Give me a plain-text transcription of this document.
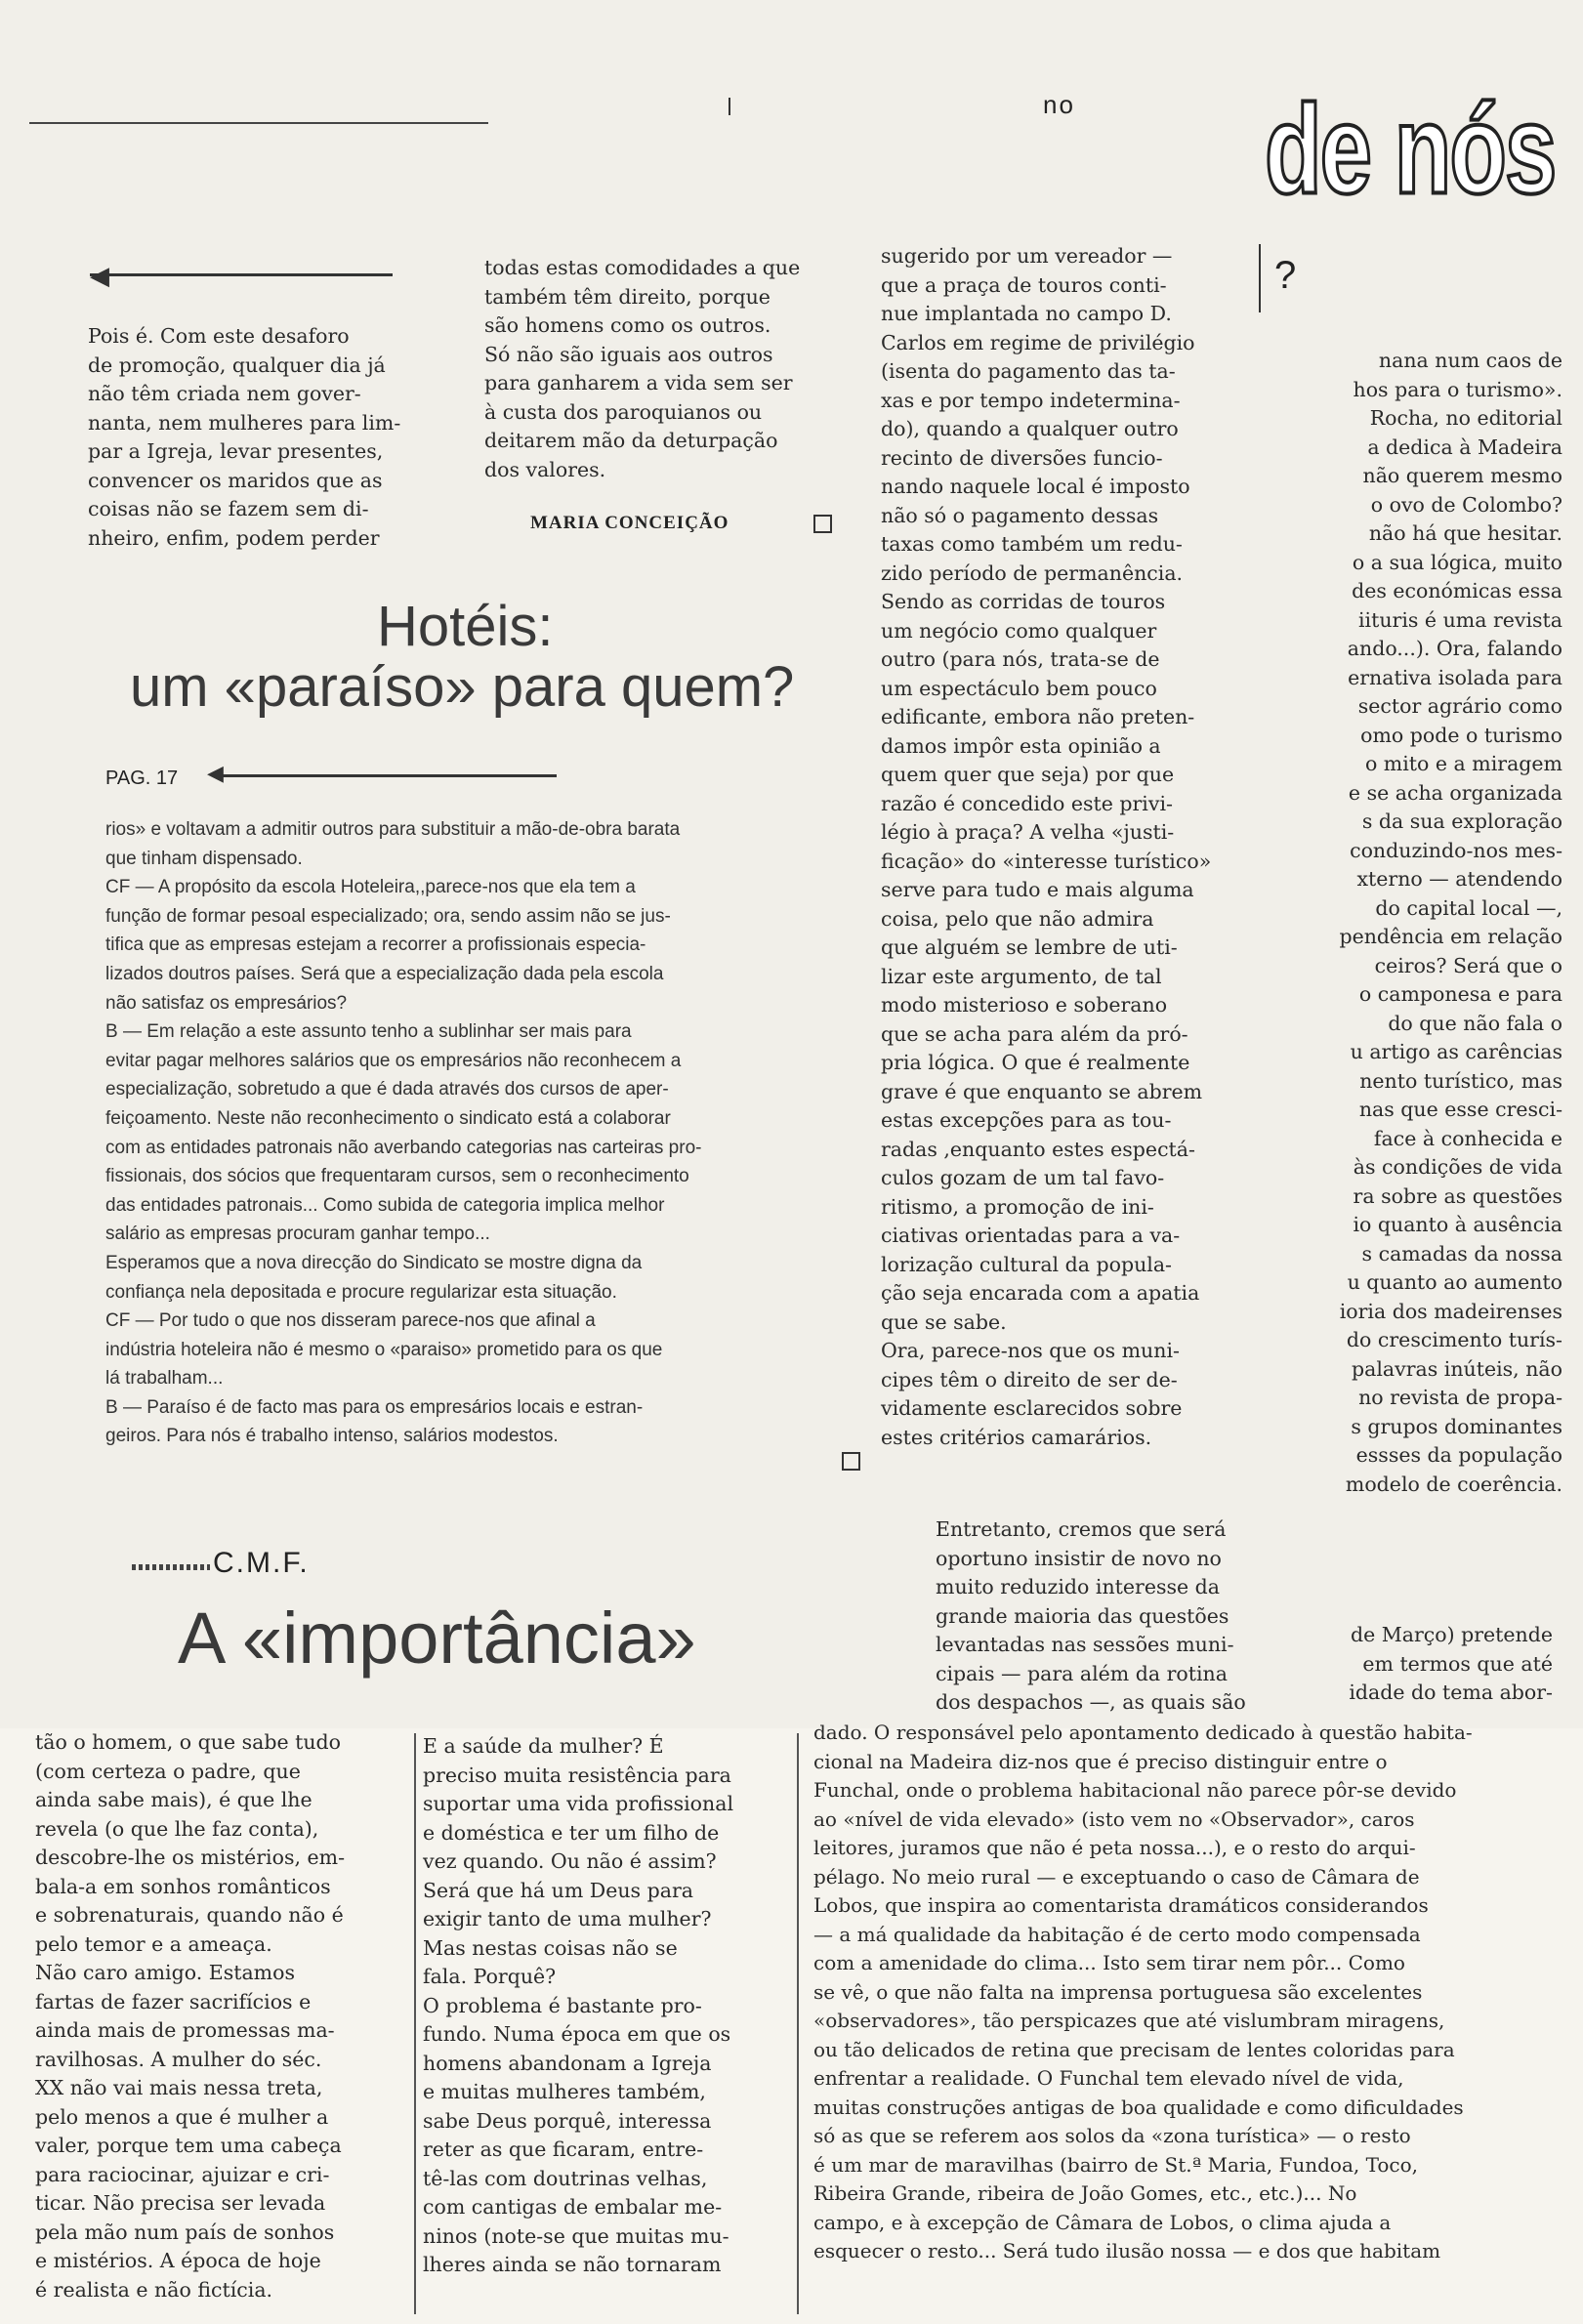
no de nós
◀

Pois é. Com este desaforo
de promoção, qualquer dia já
não têm criada nem gover-
nanta, nem mulheres para lim-
par a Igreja, levar presentes,
convencer os maridos que as
coisas não se fazem sem di-
nheiro, enfim, podem perder

todas estas comodidades a que
também têm direito, porque
são homens como os outros.
Só não são iguais aos outros
para ganharem a vida sem ser
à custa dos paroquianos ou
deitarem mão da deturpação
dos valores.

MARIA CONCEIÇÃO
Hotéis:
um «paraíso» para quem?
PAG. 17 ◀

rios» e voltavam a admitir outros para substituir a mão-de-obra barata
que tinham dispensado.
CF — A propósito da escola Hoteleira,,parece-nos que ela tem a
função de formar pesoal especializado; ora, sendo assim não se jus-
tifica que as empresas estejam a recorrer a profissionais especia-
lizados doutros países. Será que a especialização dada pela escola
não satisfaz os empresários?
B — Em relação a este assunto tenho a sublinhar ser mais para
evitar pagar melhores salários que os empresários não reconhecem a
especialização, sobretudo a que é dada através dos cursos de aper-
feiçoamento. Neste não reconhecimento o sindicato está a colaborar
com as entidades patronais não averbando categorias nas carteiras pro-
fissionais, dos sócios que frequentaram cursos, sem o reconhecimento
das entidades patronais... Como subida de categoria implica melhor
salário as empresas procuram ganhar tempo...
Esperamos que a nova direcção do Sindicato se mostre digna da
confiança nela depositada e procure regularizar esta situação.
CF — Por tudo o que nos disseram parece-nos que afinal a
indústria hoteleira não é mesmo o «paraiso» prometido para os que
lá trabalham...
B — Paraíso é de facto mas para os empresários locais e estran-
geiros. Para nós é trabalho intenso, salários modestos.

sugerido por um vereador —
que a praça de touros conti-
nue implantada no campo D.
Carlos em regime de privilégio
(isenta do pagamento das ta-
xas e por tempo indetermina-
do), quando a qualquer outro
recinto de diversões funcio-
nando naquele local é imposto
não só o pagamento dessas
taxas como também um redu-
zido período de permanência.
Sendo as corridas de touros
um negócio como qualquer
outro (para nós, trata-se de
um espectáculo bem pouco
edificante, embora não preten-
damos impôr esta opinião a
quem quer que seja) por que
razão é concedido este privi-
légio à praça? A velha «justi-
ficação» do «interesse turístico»
serve para tudo e mais alguma
coisa, pelo que não admira
que alguém se lembre de uti-
lizar este argumento, de tal
modo misterioso e soberano
que se acha para além da pró-
pria lógica. O que é realmente
grave é que enquanto se abrem
estas excepções para as tou-
radas ,enquanto estes espectá-
culos gozam de um tal favo-
ritismo, a promoção de ini-
ciativas orientadas para a va-
lorização cultural da popula-
ção seja encarada com a apatia
que se sabe.
Ora, parece-nos que os muni-
cipes têm o direito de ser de-
vidamente esclarecidos sobre
estes critérios camarários.

?

nana num caos de
hos para o turismo».
Rocha, no editorial
a dedica à Madeira
não querem mesmo
o ovo de Colombo?
não há que hesitar.
o a sua lógica, muito
des económicas essa
iituris é uma revista
ando...). Ora, falando
ernativa isolada para
sector agrário como
omo pode o turismo
o mito e a miragem
e se acha organizada
s da sua exploração
conduzindo-nos mes-
xterno — atendendo
do capital local —,
pendência em relação
ceiros? Será que o
o camponesa e para
do que não fala o
u artigo as carências
nento turístico, mas
nas que esse cresci-
face à conhecida e
às condições de vida
ra sobre as questões
io quanto à ausência
s camadas da nossa
u quanto ao aumento
ioria dos madeirenses
do crescimento turís-
palavras inúteis, não
no revista de propa-
s grupos dominantes
essses da população
modelo de coerência.

C.M.F.
A «importância»

Entretanto, cremos que será
oportuno insistir de novo no
muito reduzido interesse da
grande maioria das questões
levantadas nas sessões muni-
cipais — para além da rotina
dos despachos —, as quais são

de Março) pretende
em termos que até
idade do tema abor-

tão o homem, o que sabe tudo
(com certeza o padre, que
ainda sabe mais), é que lhe
revela (o que lhe faz conta),
descobre-lhe os mistérios, em-
bala-a em sonhos românticos
e sobrenaturais, quando não é
pelo temor e a ameaça.
Não caro amigo. Estamos
fartas de fazer sacrifícios e
ainda mais de promessas ma-
ravilhosas. A mulher do séc.
XX não vai mais nessa treta,
pelo menos a que é mulher a
valer, porque tem uma cabeça
para raciocinar, ajuizar e cri-
ticar. Não precisa ser levada
pela mão num país de sonhos
e mistérios. A época de hoje
é realista e não fictícia.

E a saúde da mulher? É
preciso muita resistência para
suportar uma vida profissional
e doméstica e ter um filho de
vez quando. Ou não é assim?
Será que há um Deus para
exigir tanto de uma mulher?
Mas nestas coisas não se
fala. Porquê?
O problema é bastante pro-
fundo. Numa época em que os
homens abandonam a Igreja
e muitas mulheres também,
sabe Deus porquê, interessa
reter as que ficaram, entre-
tê-las com doutrinas velhas,
com cantigas de embalar me-
ninos (note-se que muitas mu-
lheres ainda se não tornaram

dado. O responsável pelo apontamento dedicado à questão habita-
cional na Madeira diz-nos que é preciso distinguir entre o
Funchal, onde o problema habitacional não parece pôr-se devido
ao «nível de vida elevado» (isto vem no «Observador», caros
leitores, juramos que não é peta nossa...), e o resto do arqui-
pélago. No meio rural — e exceptuando o caso de Câmara de
Lobos, que inspira ao comentarista dramáticos considerandos
— a má qualidade da habitação é de certo modo compensada
com a amenidade do clima... Isto sem tirar nem pôr... Como
se vê, o que não falta na imprensa portuguesa são excelentes
«observadores», tão perspicazes que até vislumbram miragens,
ou tão delicados de retina que precisam de lentes coloridas para
enfrentar a realidade. O Funchal tem elevado nível de vida,
muitas construções antigas de boa qualidade e como dificuldades
só as que se referem aos solos da «zona turística» — o resto
é um mar de maravilhas (bairro de St.ª Maria, Fundoa, Toco,
Ribeira Grande, ribeira de João Gomes, etc., etc.)... No
campo, e à excepção de Câmara de Lobos, o clima ajuda a
esquecer o resto... Será tudo ilusão nossa — e dos que habitam
